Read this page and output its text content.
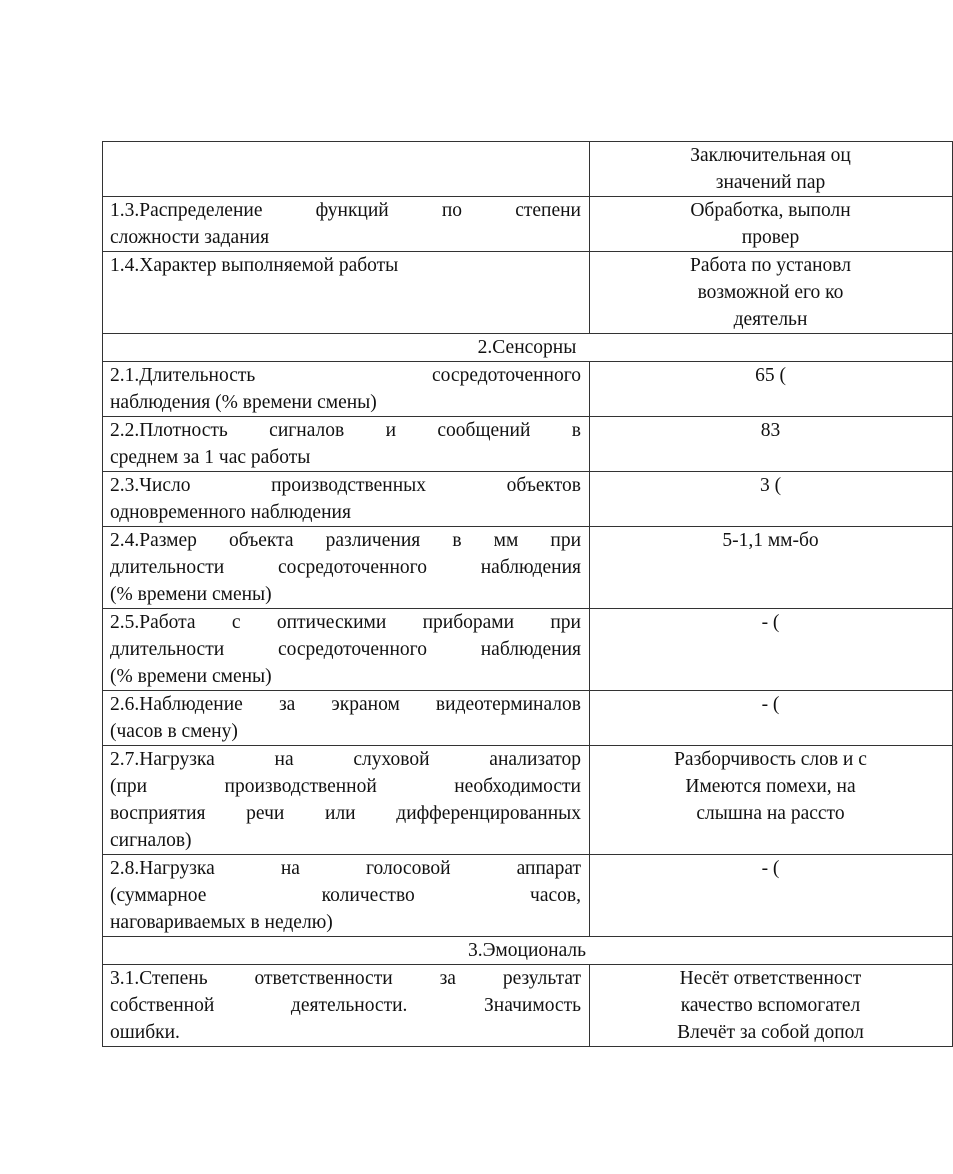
	Заключительная оц
значений пар

1.3.Распределение функций по степени
сложности задания	Обработка, выполн
провер

1.4.Характер выполняемой работы	Работа по установл
возможной его ко
деятельн

2.Сенсорны	

2.1.Длительность сосредоточенного
наблюдения (% времени смены)	65 (

2.2.Плотность сигналов и сообщений в
среднем за 1 час работы	83

2.3.Число производственных объектов
одновременного наблюдения	3 (

2.4.Размер объекта различения в мм при
длительности сосредоточенного наблюдения
(% времени смены)	5-1,1 мм-бо

2.5.Работа с оптическими приборами при
длительности сосредоточенного наблюдения
(% времени смены)	- (

2.6.Наблюдение за экраном видеотерминалов
(часов в смену)	- (

2.7.Нагрузка на слуховой анализатор
(при производственной необходимости
восприятия речи или дифференцированных
сигналов)	Разборчивость слов и с
Имеются помехи, на
слышна на рассто

2.8.Нагрузка на голосовой аппарат
(суммарное количество часов,
наговариваемых в неделю)	- (
3.Эмоциональ	

3.1.Степень ответственности за результат
собственной деятельности. Значимость
ошибки.	Несёт ответственност
качество вспомогател
Влечёт за собой допол
